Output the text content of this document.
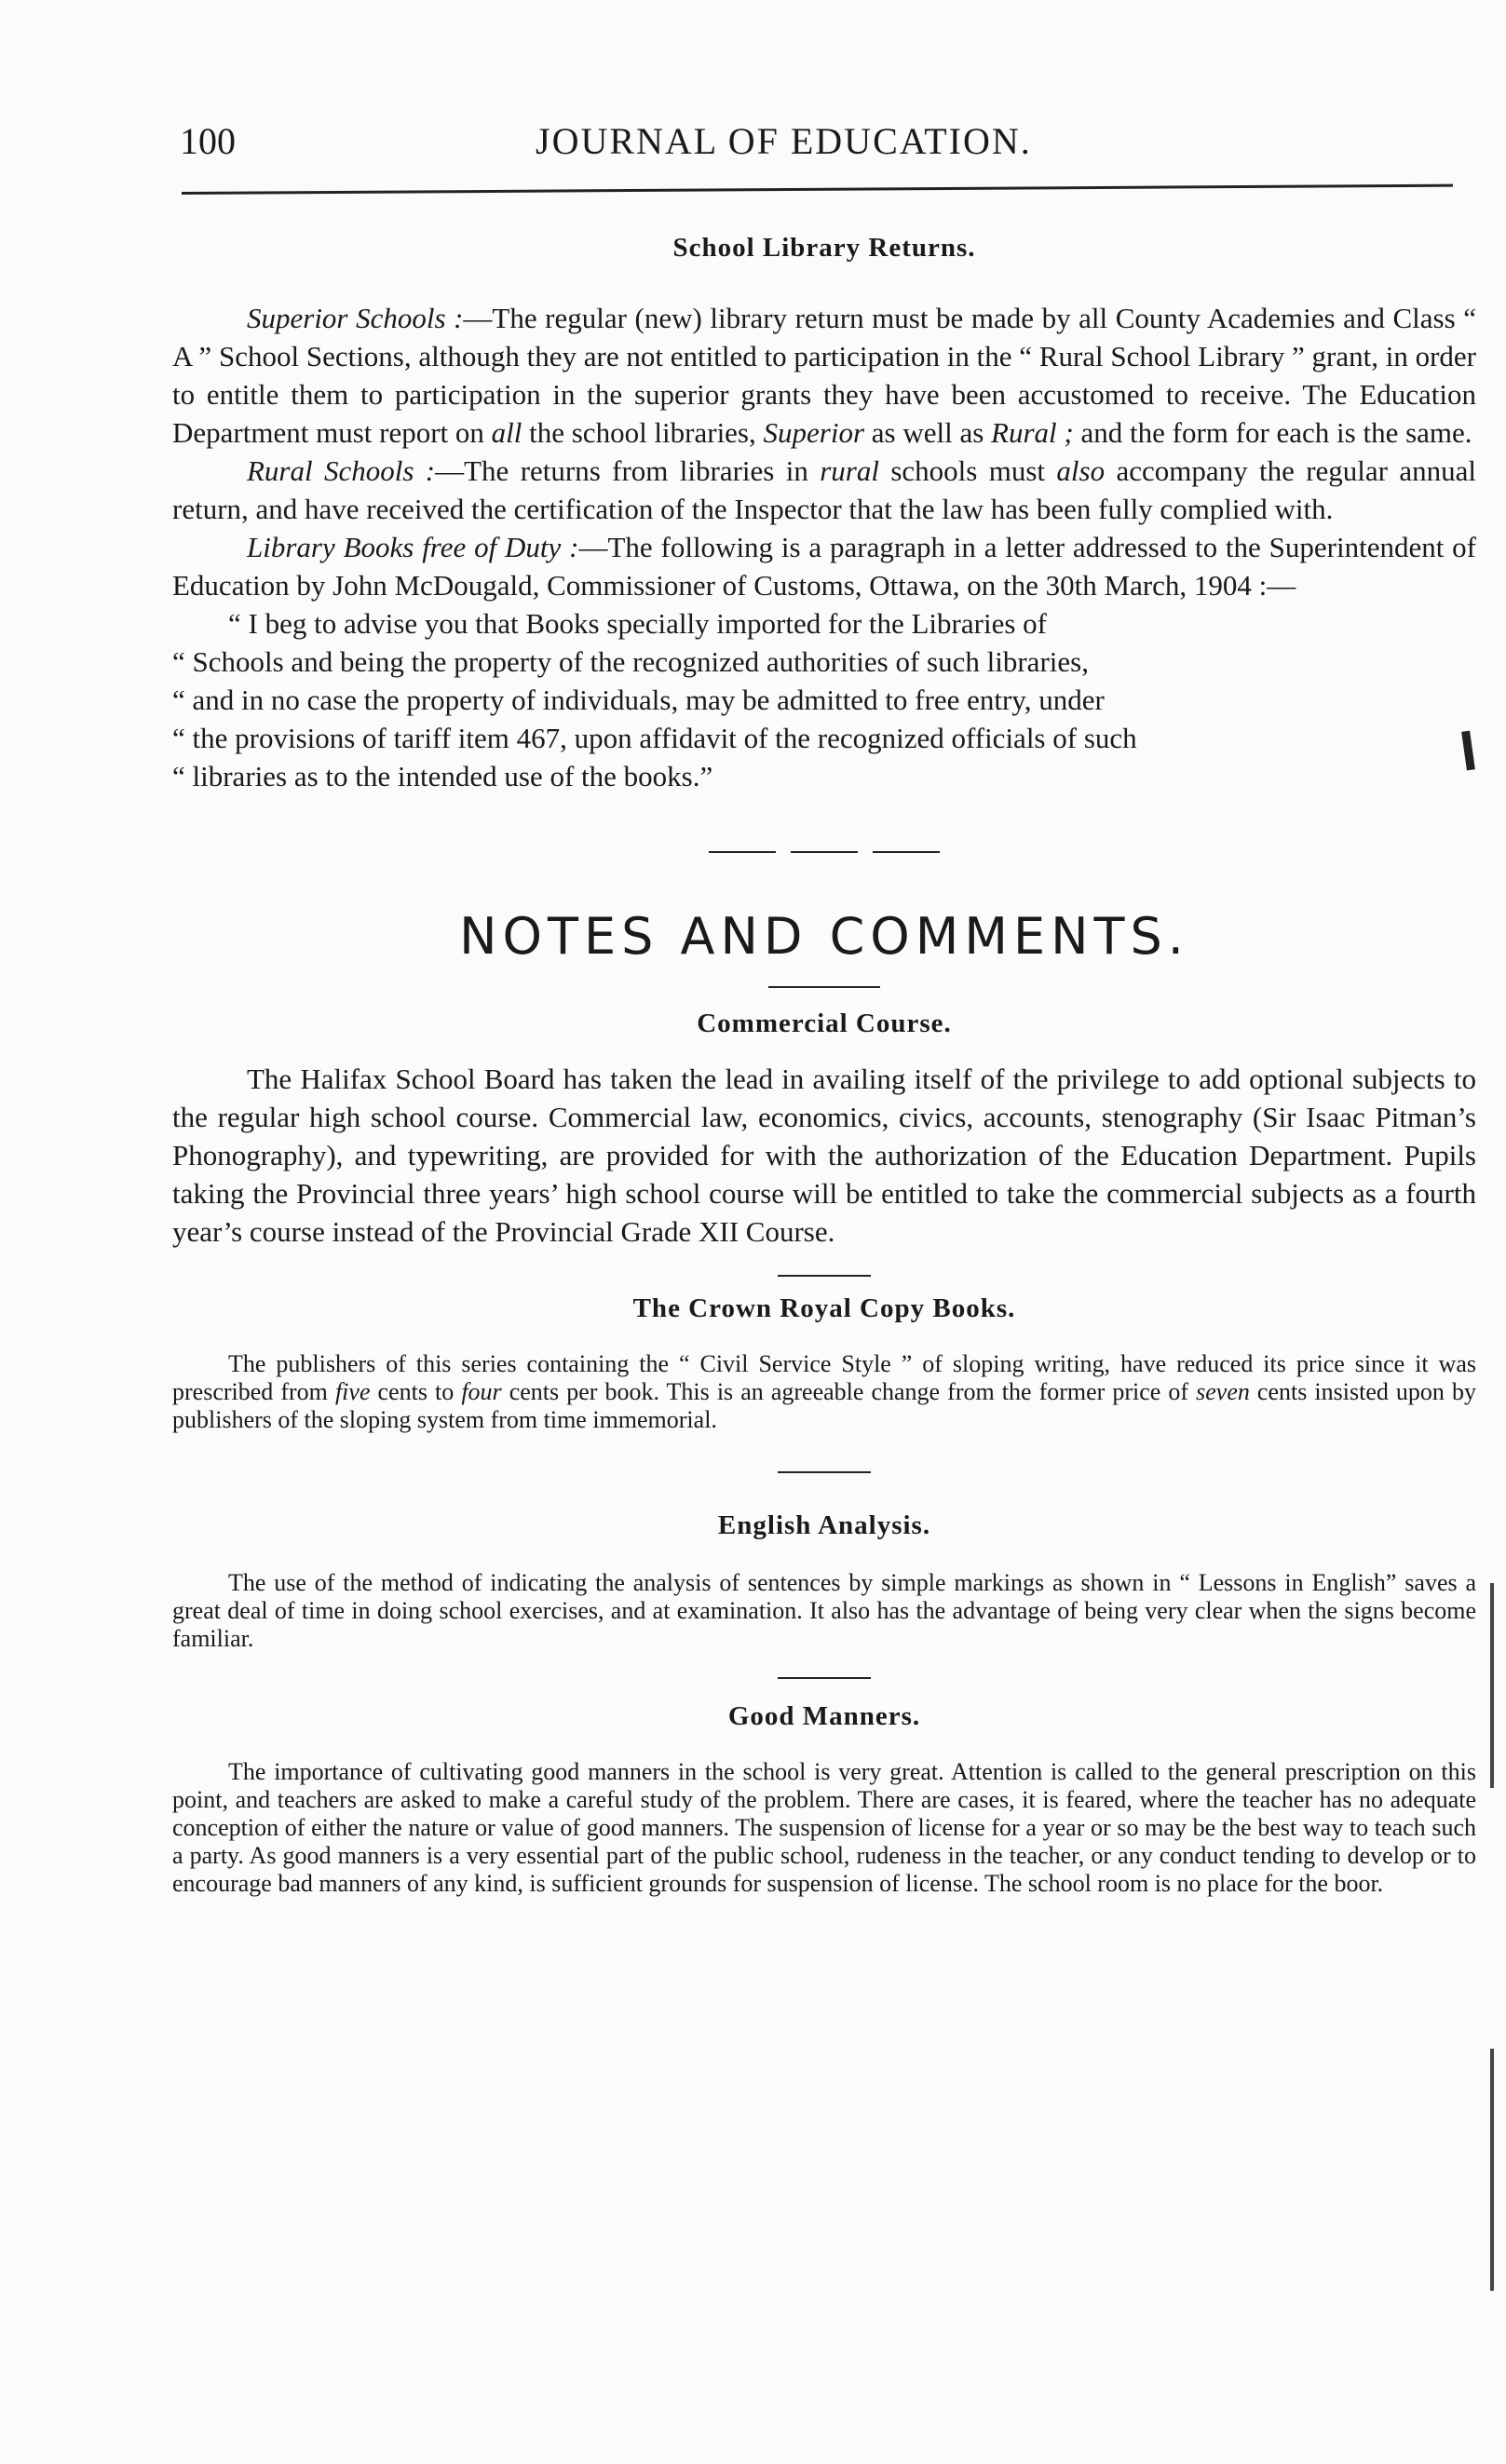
100	JOURNAL OF EDUCATION.
School Library Returns.

Superior Schools :—The regular (new) library return must be made by all County Academies and Class “ A ” School Sections, although they are not entitled to participation in the “ Rural School Library ” grant, in order to entitle them to participation in the superior grants they have been accustomed to receive. The Education Department must report on all the school libraries, Superior as well as Rural ; and the form for each is the same.

Rural Schools :—The returns from libraries in rural schools must also accompany the regular annual return, and have received the certification of the Inspector that the law has been fully complied with.

Library Books free of Duty :—The following is a paragraph in a letter addressed to the Superintendent of Education by John McDougald, Commissioner of Customs, Ottawa, on the 30th March, 1904 :—

“ I beg to advise you that Books specially imported for the Libraries of

“ Schools and being the property of the recognized authorities of such libraries,

“ and in no case the property of individuals, may be admitted to free entry, under

“ the provisions of tariff item 467, upon affidavit of the recognized officials of such

“ libraries as to the intended use of the books.”

NOTES AND COMMENTS.
Commercial Course.

The Halifax School Board has taken the lead in availing itself of the privilege to add optional subjects to the regular high school course. Commercial law, economics, civics, accounts, stenography (Sir Isaac Pitman’s Phonography), and typewriting, are provided for with the authorization of the Education Department. Pupils taking the Provincial three years’ high school course will be entitled to take the commercial subjects as a fourth year’s course instead of the Provincial Grade XII Course.

The Crown Royal Copy Books.

The publishers of this series containing the “ Civil Service Style ” of sloping writing, have reduced its price since it was prescribed from five cents to four cents per book. This is an agreeable change from the former price of seven cents insisted upon by publishers of the sloping system from time immemorial.

English Analysis.

The use of the method of indicating the analysis of sentences by simple markings as shown in “ Lessons in English” saves a great deal of time in doing school exercises, and at examination. It also has the advantage of being very clear when the signs become familiar.

Good Manners.

The importance of cultivating good manners in the school is very great. Attention is called to the general prescription on this point, and teachers are asked to make a careful study of the problem. There are cases, it is feared, where the teacher has no adequate conception of either the nature or value of good manners. The suspension of license for a year or so may be the best way to teach such a party. As good manners is a very essential part of the public school, rudeness in the teacher, or any conduct tending to develop or to encourage bad manners of any kind, is sufficient grounds for suspension of license. The school room is no place for the boor.
